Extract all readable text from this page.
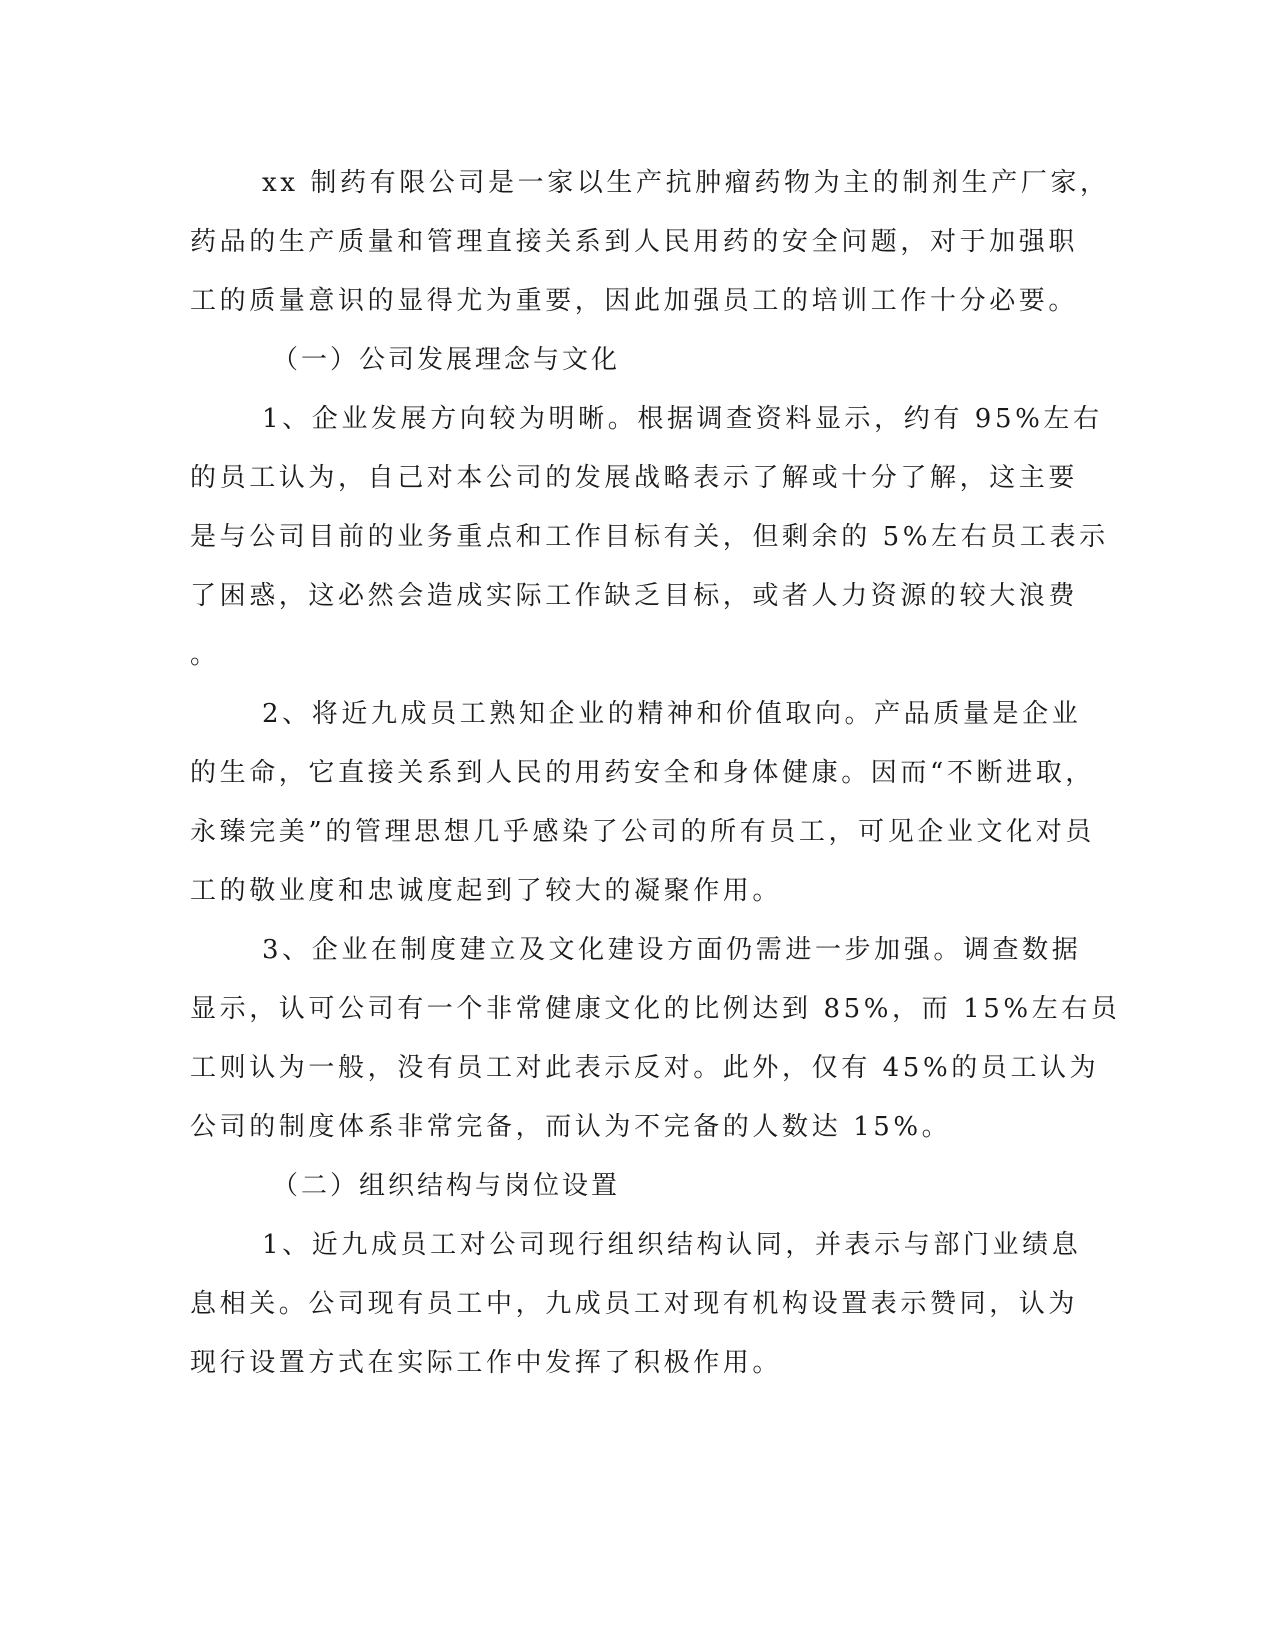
xx 制药有限公司是一家以生产抗肿瘤药物为主的制剂生产厂家，

药品的生产质量和管理直接关系到人民用药的安全问题，对于加强职

工的质量意识的显得尤为重要，因此加强员工的培训工作十分必要。

（一）公司发展理念与文化

1、企业发展方向较为明晰。根据调查资料显示，约有 95%左右

的员工认为，自己对本公司的发展战略表示了解或十分了解，这主要

是与公司目前的业务重点和工作目标有关，但剩余的 5%左右员工表示

了困惑，这必然会造成实际工作缺乏目标，或者人力资源的较大浪费

。

2、将近九成员工熟知企业的精神和价值取向。产品质量是企业

的生命，它直接关系到人民的用药安全和身体健康。因而“不断进取，

永臻完美”的管理思想几乎感染了公司的所有员工，可见企业文化对员

工的敬业度和忠诚度起到了较大的凝聚作用。

3、企业在制度建立及文化建设方面仍需进一步加强。调查数据

显示，认可公司有一个非常健康文化的比例达到 85%，而 15%左右员

工则认为一般，没有员工对此表示反对。此外，仅有 45%的员工认为

公司的制度体系非常完备，而认为不完备的人数达 15%。

（二）组织结构与岗位设置

1、近九成员工对公司现行组织结构认同，并表示与部门业绩息

息相关。公司现有员工中，九成员工对现有机构设置表示赞同，认为

现行设置方式在实际工作中发挥了积极作用。
